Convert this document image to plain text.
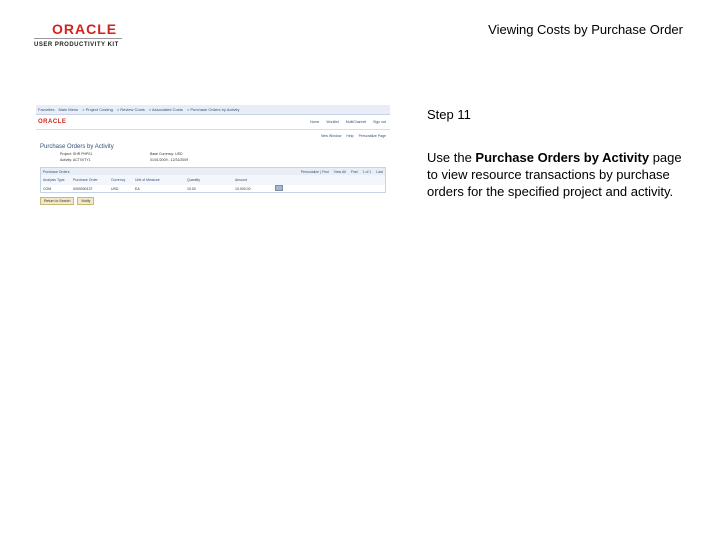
ORACLE
USER PRODUCTIVITY KIT
Viewing Costs by Purchase Order
Favorites Main Menu > Project Costing > Review Costs > Associated Costs > Purchase Orders by Activity
ORACLE	Home Worklist MultiChannel Sign out
New Window Help Personalize Page
Purchase Orders by Activity
Project: SHR PHP01	Base Currency: USD
Activity: ACTIVITY1	01/01/2009 - 12/31/2009
Purchase Orders	Personalize | Find View All First 1 of 1 Last
Analysis Type	Purchase Order	Currency	Unit of Measure	Quantity	Amount
COM	0000000137	USD	EA	10.00	10,000.00
Return to Search	Notify
Step 11
Use the Purchase Orders by Activity page to view resource transactions by purchase orders for the specified project and activity.
